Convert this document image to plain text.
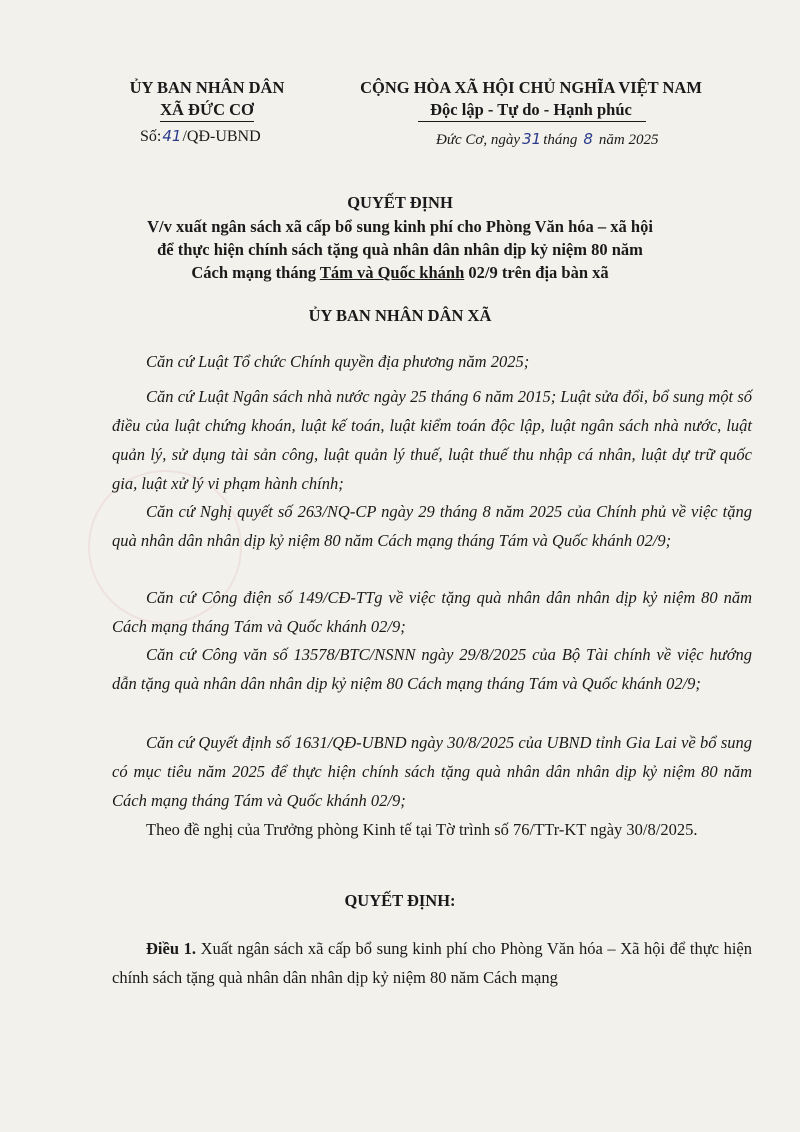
ỦY BAN NHÂN DÂN
XÃ ĐỨC CƠ
Số:41/QĐ-UBND
CỘNG HÒA XÃ HỘI CHỦ NGHĨA VIỆT NAM
Độc lập - Tự do - Hạnh phúc
Đức Cơ, ngày 31 tháng 8 năm 2025
QUYẾT ĐỊNH
V/v xuất ngân sách xã cấp bổ sung kinh phí cho Phòng Văn hóa – xã hội
để thực hiện chính sách tặng quà nhân dân nhân dịp kỷ niệm 80 năm
Cách mạng tháng Tám và Quốc khánh 02/9 trên địa bàn xã
ỦY BAN NHÂN DÂN XÃ
Căn cứ Luật Tổ chức Chính quyền địa phương năm 2025;
Căn cứ Luật Ngân sách nhà nước ngày 25 tháng 6 năm 2015; Luật sửa đổi, bổ sung một số điều của luật chứng khoán, luật kế toán, luật kiểm toán độc lập, luật ngân sách nhà nước, luật quản lý, sử dụng tài sản công, luật quản lý thuế, luật thuế thu nhập cá nhân, luật dự trữ quốc gia, luật xử lý vi phạm hành chính;
Căn cứ Nghị quyết số 263/NQ-CP ngày 29 tháng 8 năm 2025 của Chính phủ về việc tặng quà nhân dân nhân dịp kỷ niệm 80 năm Cách mạng tháng Tám và Quốc khánh 02/9;
Căn cứ Công điện số 149/CĐ-TTg về việc tặng quà nhân dân nhân dịp kỷ niệm 80 năm Cách mạng tháng Tám và Quốc khánh 02/9;
Căn cứ Công văn số 13578/BTC/NSNN ngày 29/8/2025 của Bộ Tài chính về việc hướng dẫn tặng quà nhân dân nhân dịp kỷ niệm 80 Cách mạng tháng Tám và Quốc khánh 02/9;
Căn cứ Quyết định số 1631/QĐ-UBND ngày 30/8/2025 của UBND tỉnh Gia Lai về bổ sung có mục tiêu năm 2025 để thực hiện chính sách tặng quà nhân dân nhân dịp kỷ niệm 80 năm Cách mạng tháng Tám và Quốc khánh 02/9;
Theo đề nghị của Trưởng phòng Kinh tế tại Tờ trình số 76/TTr-KT ngày 30/8/2025.
QUYẾT ĐỊNH:
Điều 1. Xuất ngân sách xã cấp bổ sung kinh phí cho Phòng Văn hóa – Xã hội để thực hiện chính sách tặng quà nhân dân nhân dịp kỷ niệm 80 năm Cách mạng
